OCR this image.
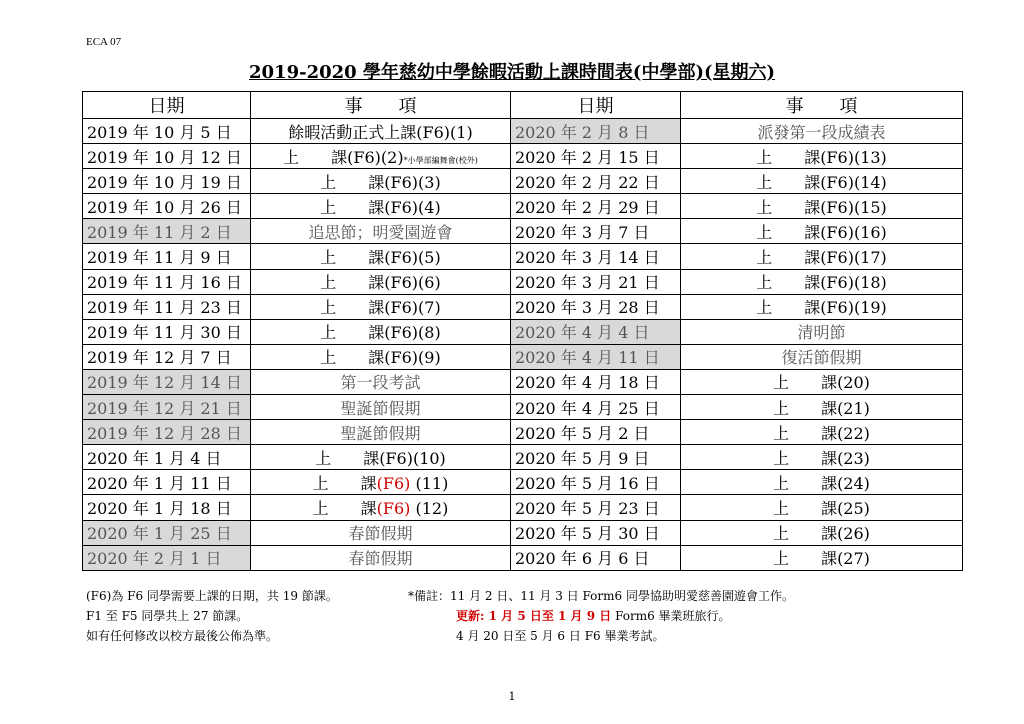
ECA 07
2019-2020 學年慈幼中學餘暇活動上課時間表(中學部)(星期六)
日期	事　　項	日期	事　　項
2019 年 10 月 5 日	餘暇活動正式上課(F6)(1)	2020 年 2 月 8 日	派發第一段成績表
2019 年 10 月 12 日	上　　課(F6)(2)*小學部編舞會(校外)	2020 年 2 月 15 日	上　　課(F6)(13)
2019 年 10 月 19 日	上　　課(F6)(3)	2020 年 2 月 22 日	上　　課(F6)(14)
2019 年 10 月 26 日	上　　課(F6)(4)	2020 年 2 月 29 日	上　　課(F6)(15)
2019 年 11 月 2 日	追思節；明愛園遊會	2020 年 3 月 7 日	上　　課(F6)(16)
2019 年 11 月 9 日	上　　課(F6)(5)	2020 年 3 月 14 日	上　　課(F6)(17)
2019 年 11 月 16 日	上　　課(F6)(6)	2020 年 3 月 21 日	上　　課(F6)(18)
2019 年 11 月 23 日	上　　課(F6)(7)	2020 年 3 月 28 日	上　　課(F6)(19)
2019 年 11 月 30 日	上　　課(F6)(8)	2020 年 4 月 4 日	清明節
2019 年 12 月 7 日	上　　課(F6)(9)	2020 年 4 月 11 日	復活節假期
2019 年 12 月 14 日	第一段考試	2020 年 4 月 18 日	上　　課(20)
2019 年 12 月 21 日	聖誕節假期	2020 年 4 月 25 日	上　　課(21)
2019 年 12 月 28 日	聖誕節假期	2020 年 5 月 2 日	上　　課(22)
2020 年 1 月 4 日	上　　課(F6)(10)	2020 年 5 月 9 日	上　　課(23)
2020 年 1 月 11 日	上　　課(F6) (11)	2020 年 5 月 16 日	上　　課(24)
2020 年 1 月 18 日	上　　課(F6) (12)	2020 年 5 月 23 日	上　　課(25)
2020 年 1 月 25 日	春節假期	2020 年 5 月 30 日	上　　課(26)
2020 年 2 月 1 日	春節假期	2020 年 6 月 6 日	上　　課(27)
(F6)為 F6 同學需要上課的日期，共 19 節課。	*備註：11 月 2 日、11 月 3 日 Form6 同學協助明愛慈善園遊會工作。
F1 至 F5 同學共上 27 節課。	更新: 1 月 5 日至 1 月 9 日 Form6 畢業班旅行。
如有任何修改以校方最後公佈為準。	4 月 20 日至 5 月 6 日 F6 畢業考試。
1
